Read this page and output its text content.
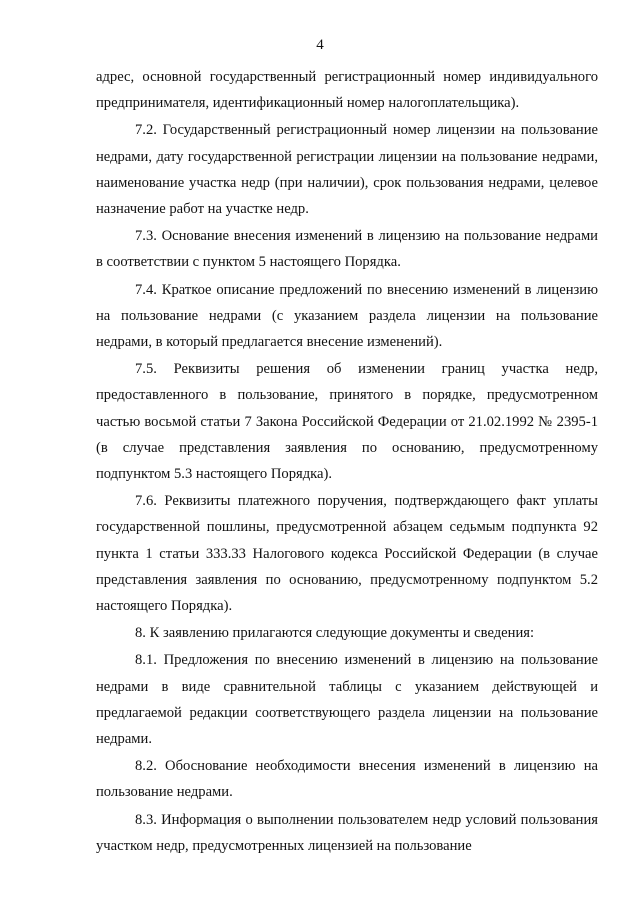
4

адрес, основной государственный регистрационный номер индивидуального предпринимателя, идентификационный номер налогоплательщика).

7.2. Государственный регистрационный номер лицензии на пользование недрами, дату государственной регистрации лицензии на пользование недрами, наименование участка недр (при наличии), срок пользования недрами, целевое назначение работ на участке недр.

7.3. Основание внесения изменений в лицензию на пользование недрами в соответствии с пунктом 5 настоящего Порядка.

7.4. Краткое описание предложений по внесению изменений в лицензию на пользование недрами (с указанием раздела лицензии на пользование недрами, в который предлагается внесение изменений).

7.5. Реквизиты решения об изменении границ участка недр, предоставленного в пользование, принятого в порядке, предусмотренном частью восьмой статьи 7 Закона Российской Федерации от 21.02.1992 № 2395-1 (в случае представления заявления по основанию, предусмотренному подпунктом 5.3 настоящего Порядка).

7.6. Реквизиты платежного поручения, подтверждающего факт уплаты государственной пошлины, предусмотренной абзацем седьмым подпункта 92 пункта 1 статьи 333.33 Налогового кодекса Российской Федерации (в случае представления заявления по основанию, предусмотренному подпунктом 5.2 настоящего Порядка).

8. К заявлению прилагаются следующие документы и сведения:

8.1. Предложения по внесению изменений в лицензию на пользование недрами в виде сравнительной таблицы с указанием действующей и предлагаемой редакции соответствующего раздела лицензии на пользование недрами.

8.2. Обоснование необходимости внесения изменений в лицензию на пользование недрами.

8.3. Информация о выполнении пользователем недр условий пользования участком недр, предусмотренных лицензией на пользование
